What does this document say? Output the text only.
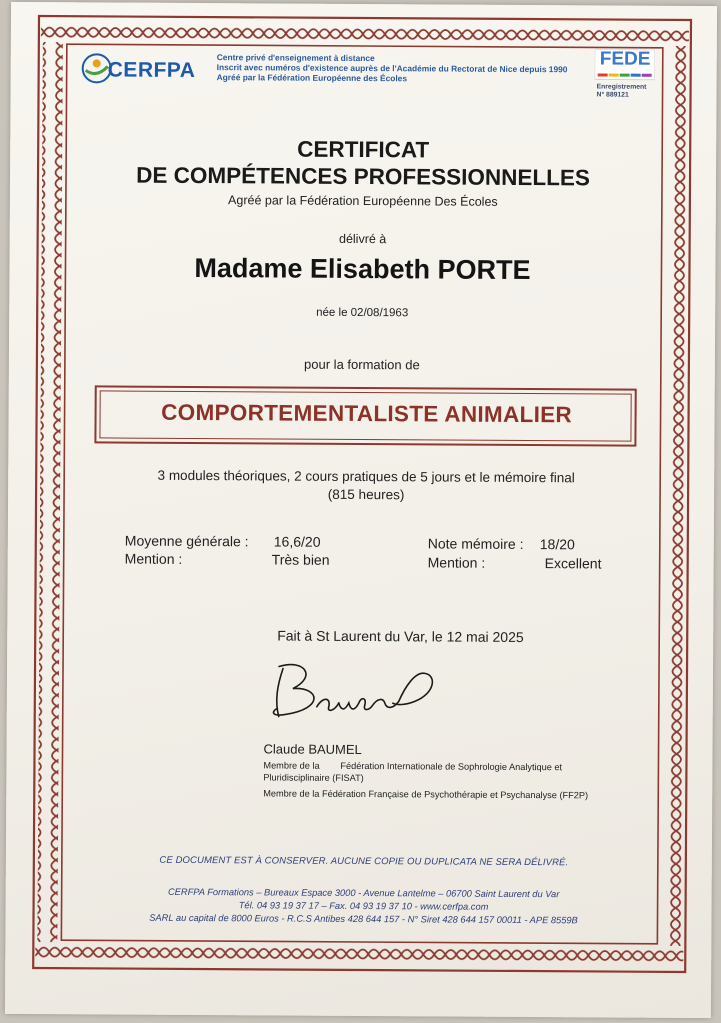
CERFPA
Centre privé d'enseignement à distance
Inscrit avec numéros d'existence auprès de l'Académie du Rectorat de Nice depuis 1990
Agréé par la Fédération Européenne des Écoles
FEDE
Enregistrement
N° 889121
CERTIFICAT
DE COMPÉTENCES PROFESSIONNELLES
Agréé par la Fédération Européenne Des Écoles
délivré à
Madame Elisabeth PORTE
née le 02/08/1963
pour la formation de
COMPORTEMENTALISTE ANIMALIER
3 modules théoriques, 2 cours pratiques de 5 jours et le mémoire final
(815 heures)
Moyenne générale : 16,6/20
Mention :	Très bien
Note mémoire : 18/20
Mention :	Excellent
Fait à St Laurent du Var, le 12 mai 2025
Claude BAUMEL
Membre de la Fédération Internationale de Sophrologie Analytique et
Pluridisciplinaire (FISAT)
Membre de la Fédération Française de Psychothérapie et Psychanalyse (FF2P)
CE DOCUMENT EST À CONSERVER. AUCUNE COPIE OU DUPLICATA NE SERA DÉLIVRÉ.
CERFPA Formations – Bureaux Espace 3000 - Avenue Lantelme – 06700 Saint Laurent du Var
Tél. 04 93 19 37 17 – Fax. 04 93 19 37 10 - www.cerfpa.com
SARL au capital de 8000 Euros - R.C.S Antibes 428 644 157 - N° Siret 428 644 157 00011 - APE 8559B
